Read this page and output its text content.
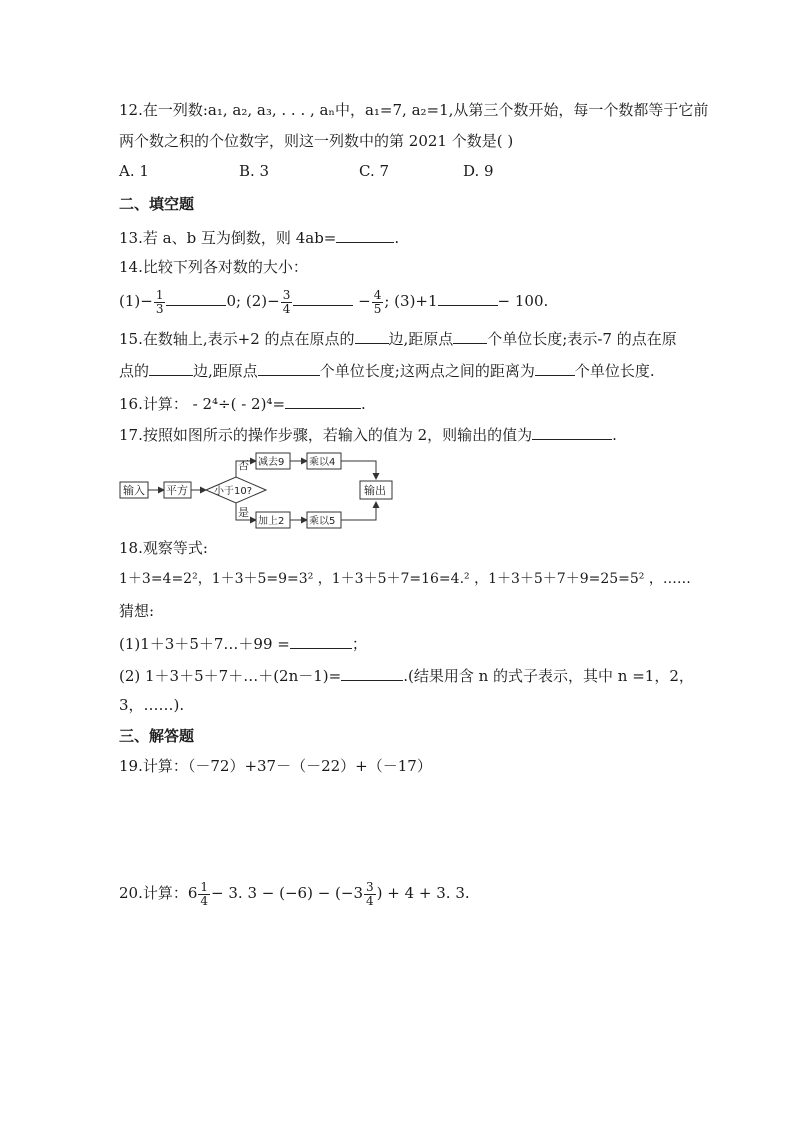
12.在一列数:a₁, a₂, a₃, . . . , aₙ中，a₁=7, a₂=1,从第三个数开始，每一个数都等于它前
两个数之积的个位数字，则这一列数中的第 2021 个数是( )
A. 1	B. 3	C. 7	D. 9
二、填空题
13.若 a、b 互为倒数，则 4ab=	.
14.比较下列各对数的大小：
$(1)- \frac{1}{3}$	0; $(2)- \frac{3}{4}$	− $\frac{4}{5}$ ; (3)+1	− 100.
15.在数轴上,表示+2 的点在原点的 边,距原点 个单位长度;表示-7 的点在原
点的	边,距原点	个单位长度;这两点之间的距离为	个单位长度.
16.计算： - 2⁴÷( - 2)⁴=	.
17.按照如图所示的操作步骤，若输入的值为 2，则输出的值为	.
输入 平方	小于10?
否
是
减去9 乘以4
加上2 乘以5
输出
18.观察等式:
1＋3=4=2²，1＋3＋5=9=3² ，1＋3＋5＋7=16=4.² ，1＋3＋5＋7＋9=25=5² ，……
猜想:
(1)1＋3＋5＋7…＋99 =	；
(2) 1＋3＋5＋7＋…＋(2n－1)=	.(结果用含 n 的式子表示，其中 n =1，2，
3，……).
三、解答题
19.计算：（－72）+37－（－22）+（－17）
20.计算：$6 \frac{1}{4} - 3$. $3 - (-6) - (-3 \frac{3}{4}$ ) + 4 + 3. 3.
